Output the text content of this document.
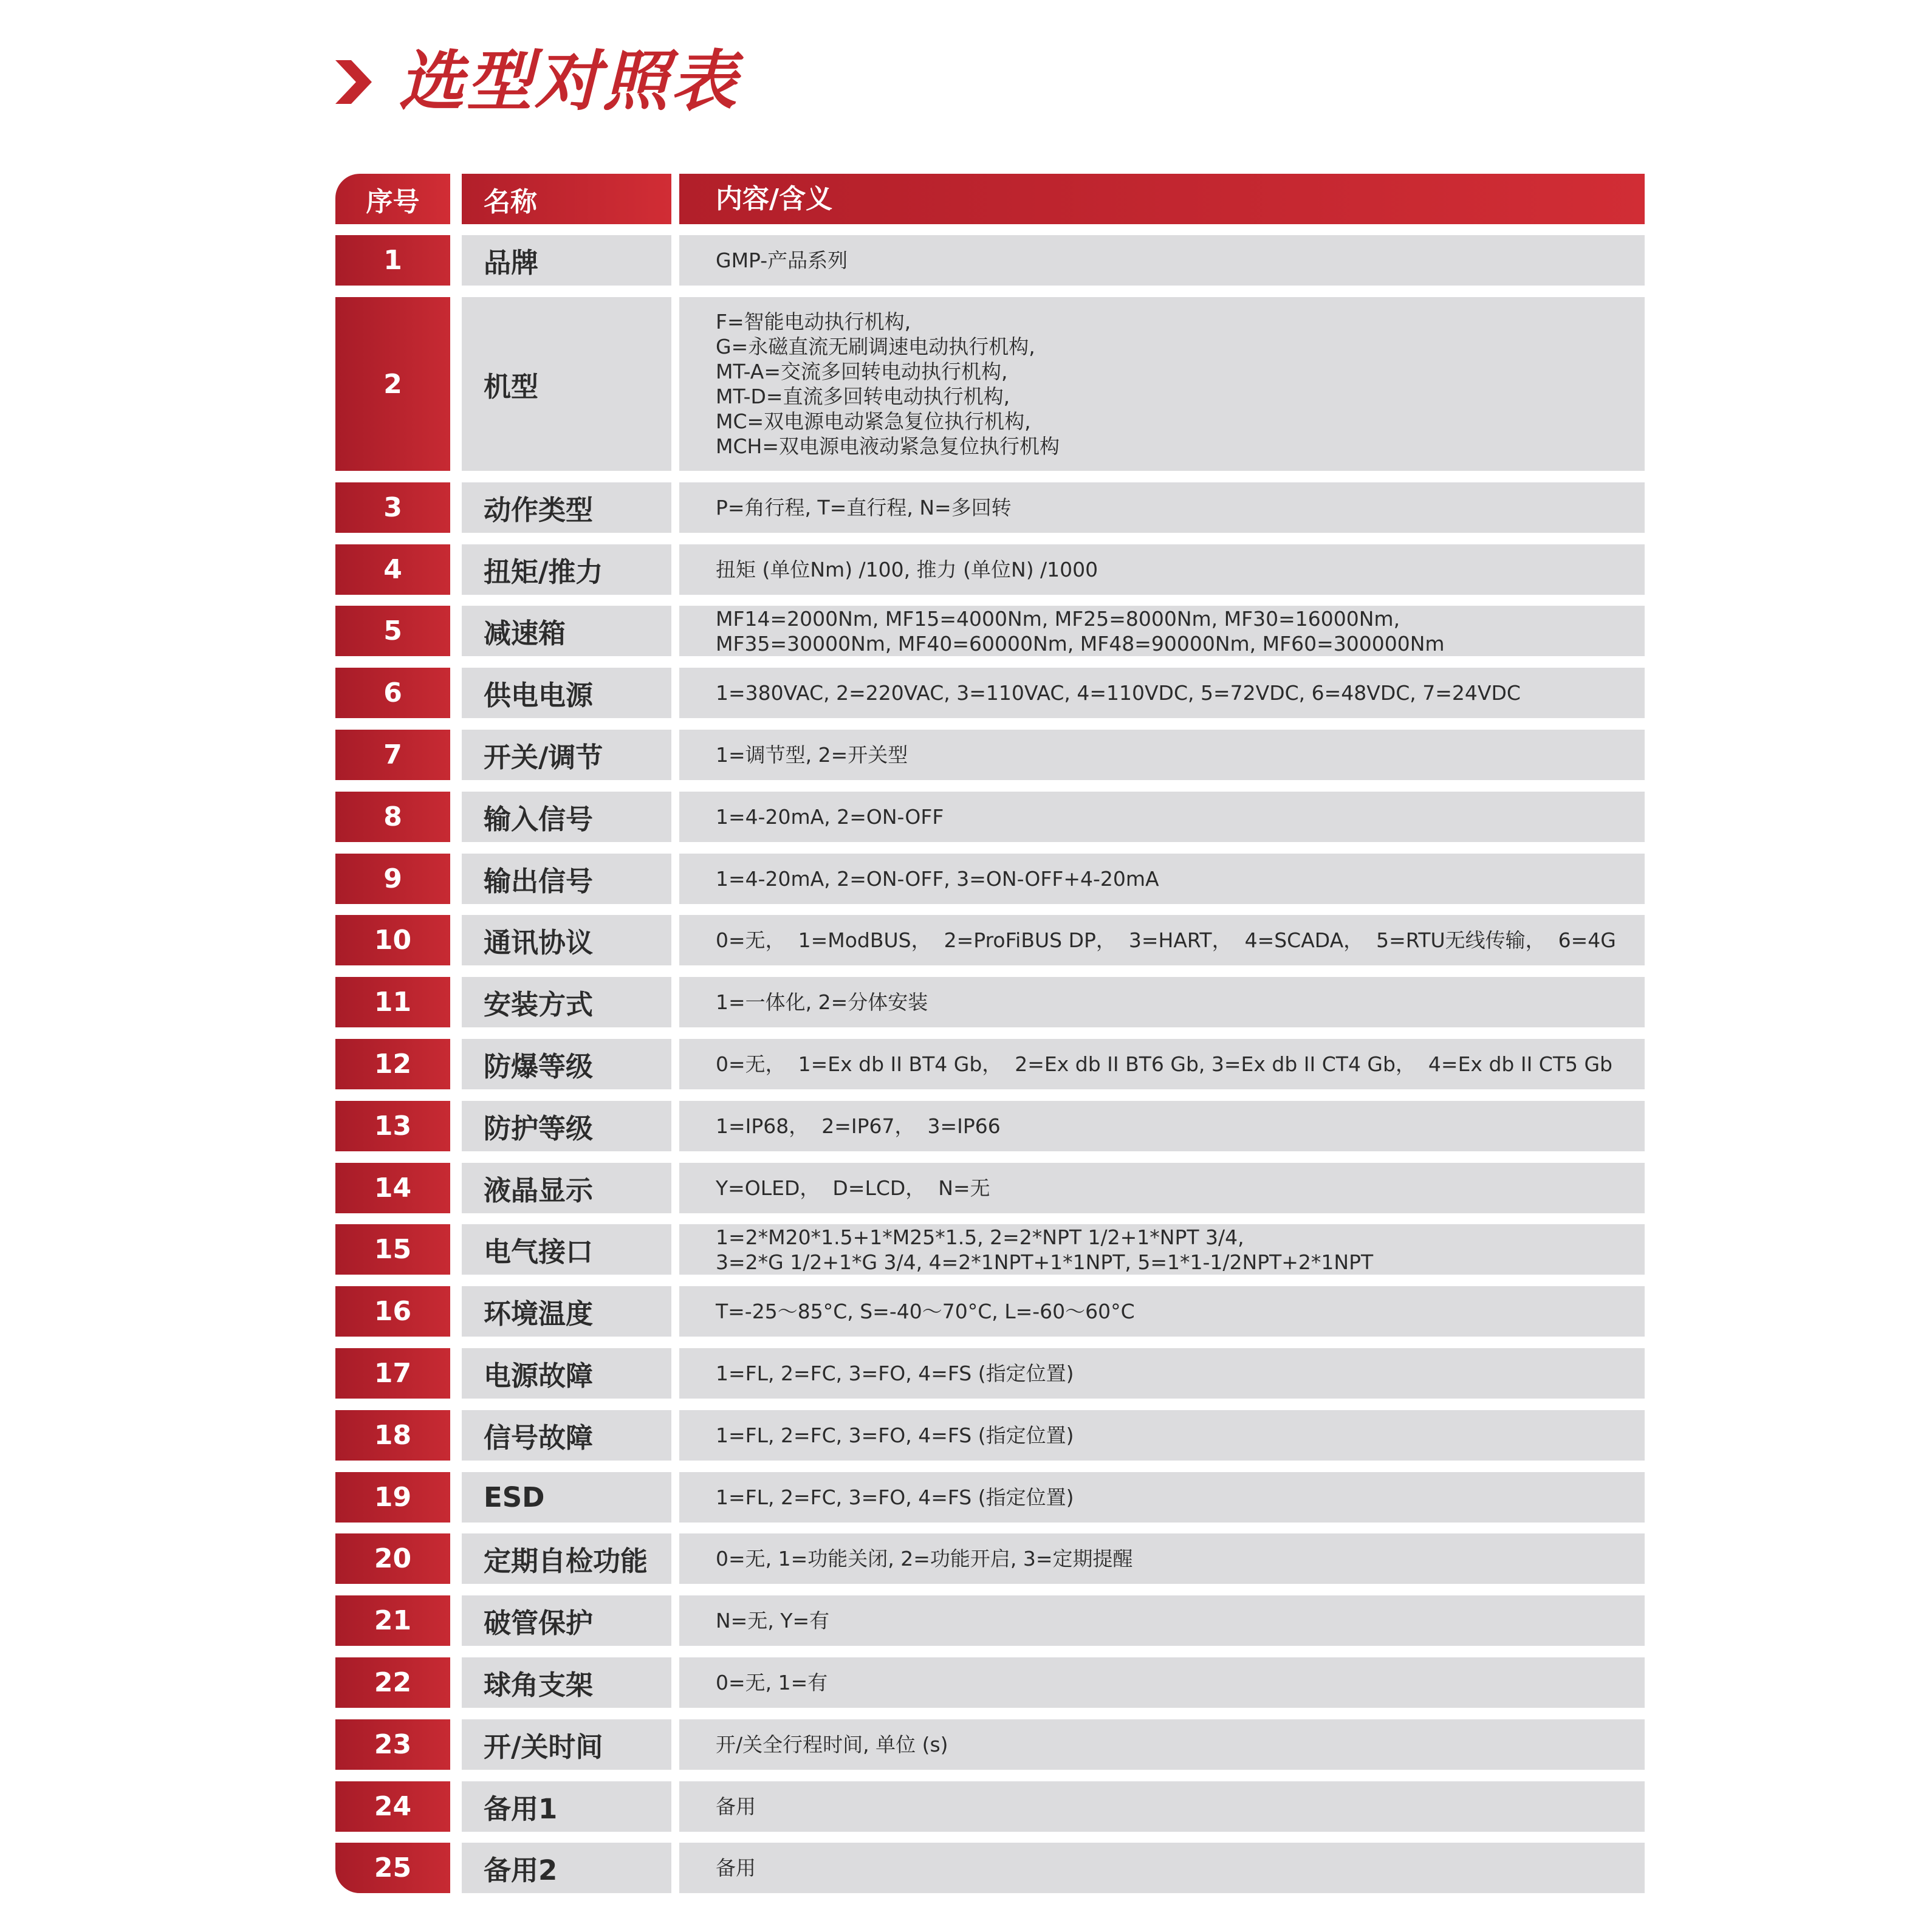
选型对照表
序号	名称	内容/含义
1	品牌	GMP-产品系列
2	机型
F=智能电动执行机构,
G=永磁直流无刷调速电动执行机构,
MT-A=交流多回转电动执行机构,
MT-D=直流多回转电动执行机构,
MC=双电源电动紧急复位执行机构,
MCH=双电源电液动紧急复位执行机构
3	动作类型	P=角行程, T=直行程, N=多回转
4	扭矩/推力	扭矩 (单位Nm) /100, 推力 (单位N) /1000
5	减速箱	MF14=2000Nm, MF15=4000Nm, MF25=8000Nm, MF30=16000Nm,
MF35=30000Nm, MF40=60000Nm, MF48=90000Nm, MF60=300000Nm
6	供电电源	1=380VAC, 2=220VAC, 3=110VAC, 4=110VDC, 5=72VDC, 6=48VDC, 7=24VDC
7	开关/调节	1=调节型, 2=开关型
8	输入信号	1=4-20mA, 2=ON-OFF
9	输出信号	1=4-20mA, 2=ON-OFF, 3=ON-OFF+4-20mA
10	通讯协议	0=无，  1=ModBUS，  2=ProFiBUS DP，  3=HART，  4=SCADA，  5=RTU无线传输，  6=4G
11	安装方式	1=一体化, 2=分体安装
12	防爆等级	0=无，  1=Ex db II BT4 Gb，  2=Ex db II BT6 Gb, 3=Ex db II CT4 Gb，  4=Ex db II CT5 Gb
13	防护等级	1=IP68，  2=IP67，  3=IP66
14	液晶显示	Y=OLED，  D=LCD，  N=无
15	电气接口	1=2*M20*1.5+1*M25*1.5, 2=2*NPT 1/2+1*NPT 3/4,
3=2*G 1/2+1*G 3/4, 4=2*1NPT+1*1NPT, 5=1*1-1/2NPT+2*1NPT
16	环境温度	T=-25～85°C, S=-40～70°C, L=-60～60°C
17	电源故障	1=FL, 2=FC, 3=FO, 4=FS (指定位置)
18	信号故障	1=FL, 2=FC, 3=FO, 4=FS (指定位置)
19	ESD	1=FL, 2=FC, 3=FO, 4=FS (指定位置)
20	定期自检功能	0=无, 1=功能关闭, 2=功能开启, 3=定期提醒
21	破管保护	N=无, Y=有
22	球角支架	0=无, 1=有
23	开/关时间	开/关全行程时间, 单位 (s)
24	备用1	备用
25	备用2	备用
